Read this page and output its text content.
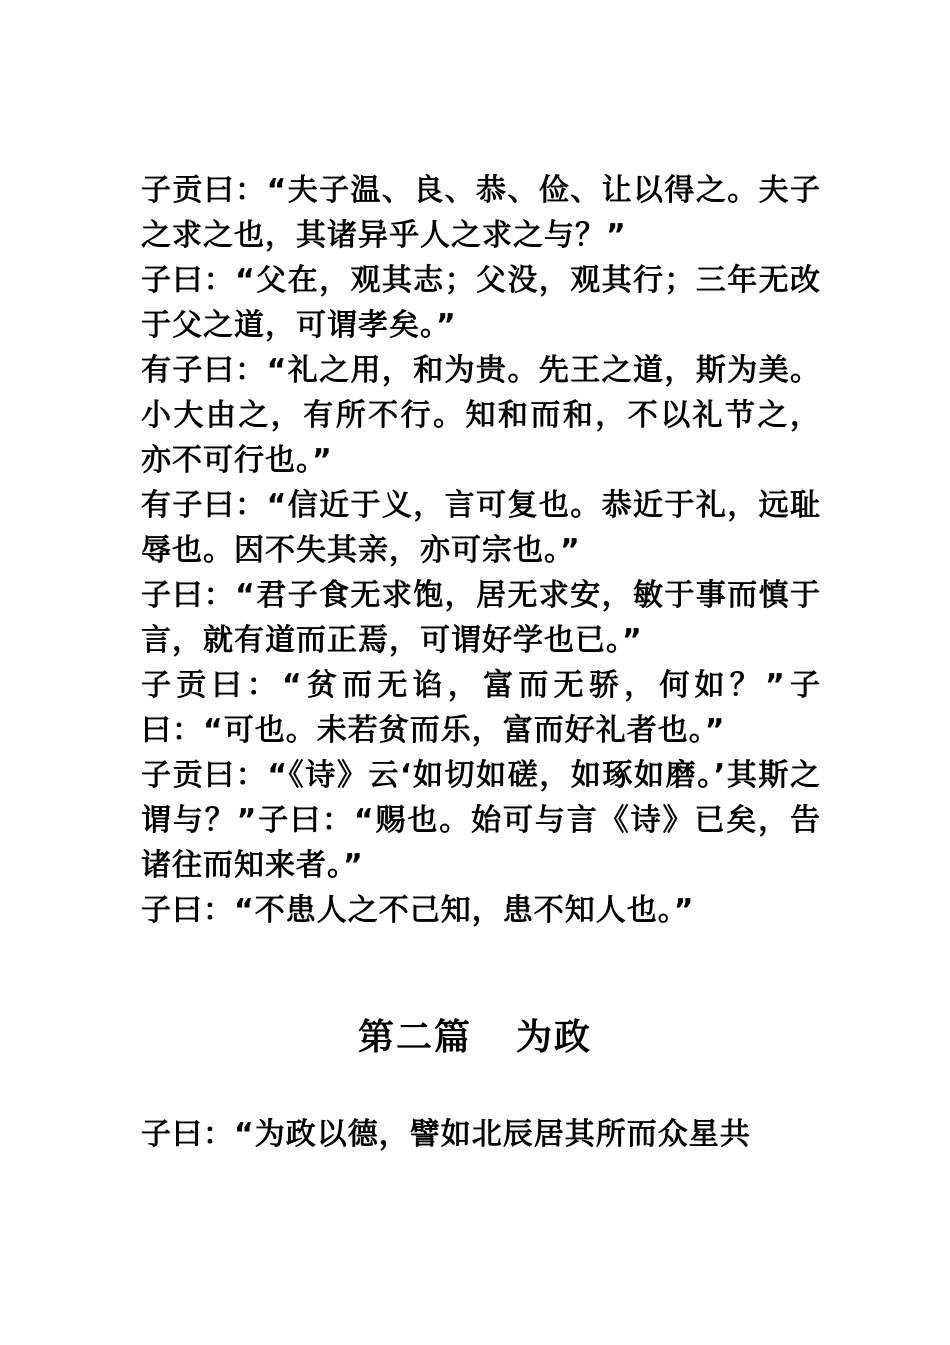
子贡曰：“夫子温、良、恭、俭、让以得之。夫子之求之也，其诸异乎人之求之与？”

子曰：“父在，观其志；父没，观其行；三年无改于父之道，可谓孝矣。”

有子曰：“礼之用，和为贵。先王之道，斯为美。小大由之，有所不行。知和而和，不以礼节之，亦不可行也。”

有子曰：“信近于义，言可复也。恭近于礼，远耻辱也。因不失其亲，亦可宗也。”

子曰：“君子食无求饱，居无求安，敏于事而慎于言，就有道而正焉，可谓好学也已。”

子贡曰：“贫而无谄，富而无骄，何如？”子曰：“可也。未若贫而乐，富而好礼者也。”

子贡曰：“《诗》云‘如切如磋，如琢如磨。’其斯之谓与？”子曰：“赐也。始可与言《诗》已矣，告诸往而知来者。”

子曰：“不患人之不己知，患不知人也。”

第二篇 为政

子曰：“为政以德，譬如北辰居其所而众星共
